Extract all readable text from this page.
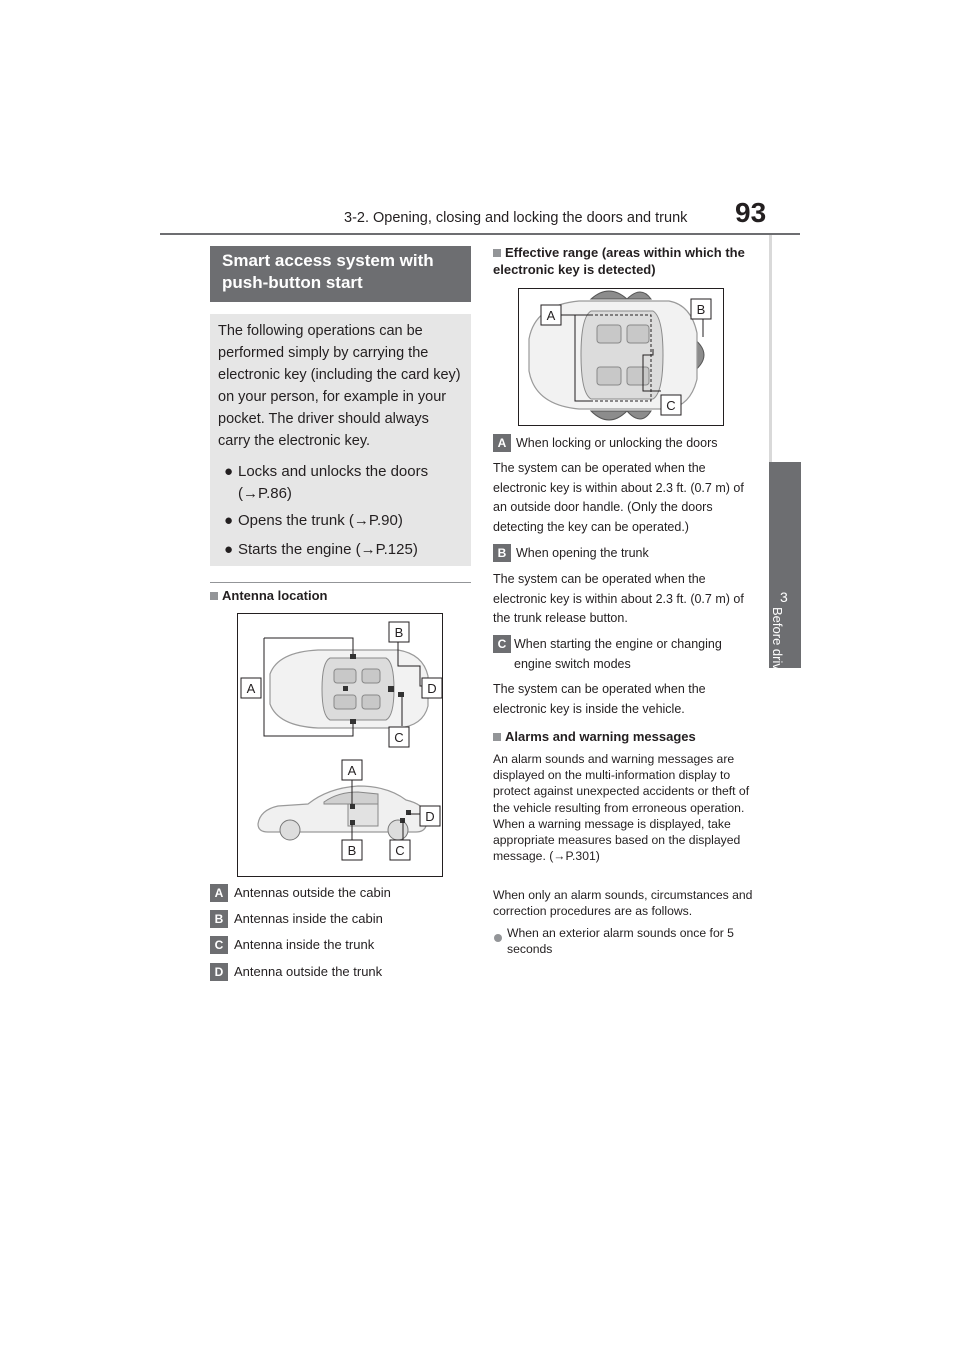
3-2. Opening, closing and locking the doors and trunk 93
3
Before driving
Smart access system with push-button start
The following operations can be performed simply by carrying the electronic key (including the card key) on your person, for example in your pocket. The driver should always carry the electronic key.
● Locks and unlocks the doors
(→P.86)
● Opens the trunk (→P.90)
● Starts the engine (→P.125)
Antenna location
B
A	D
C
A
D
B	C
A Antennas outside the cabin
B Antennas inside the cabin
C Antenna inside the trunk
D Antenna outside the trunk
Effective range (areas within which the electronic key is detected)
A	B
C
A When locking or unlocking the doors
The system can be operated when the electronic key is within about 2.3 ft. (0.7 m) of an outside door handle. (Only the doors detecting the key can be operated.)
B When opening the trunk
The system can be operated when the electronic key is within about 2.3 ft. (0.7 m) of the trunk release button.
C When starting the engine or changing engine switch modes
The system can be operated when the electronic key is inside the vehicle.
Alarms and warning messages
An alarm sounds and warning messages are displayed on the multi-information display to protect against unexpected accidents or theft of the vehicle resulting from erroneous operation. When a warning message is displayed, take appropriate measures based on the displayed message. (→P.301)
When only an alarm sounds, circumstances and correction procedures are as follows.
When an exterior alarm sounds once for 5 seconds
